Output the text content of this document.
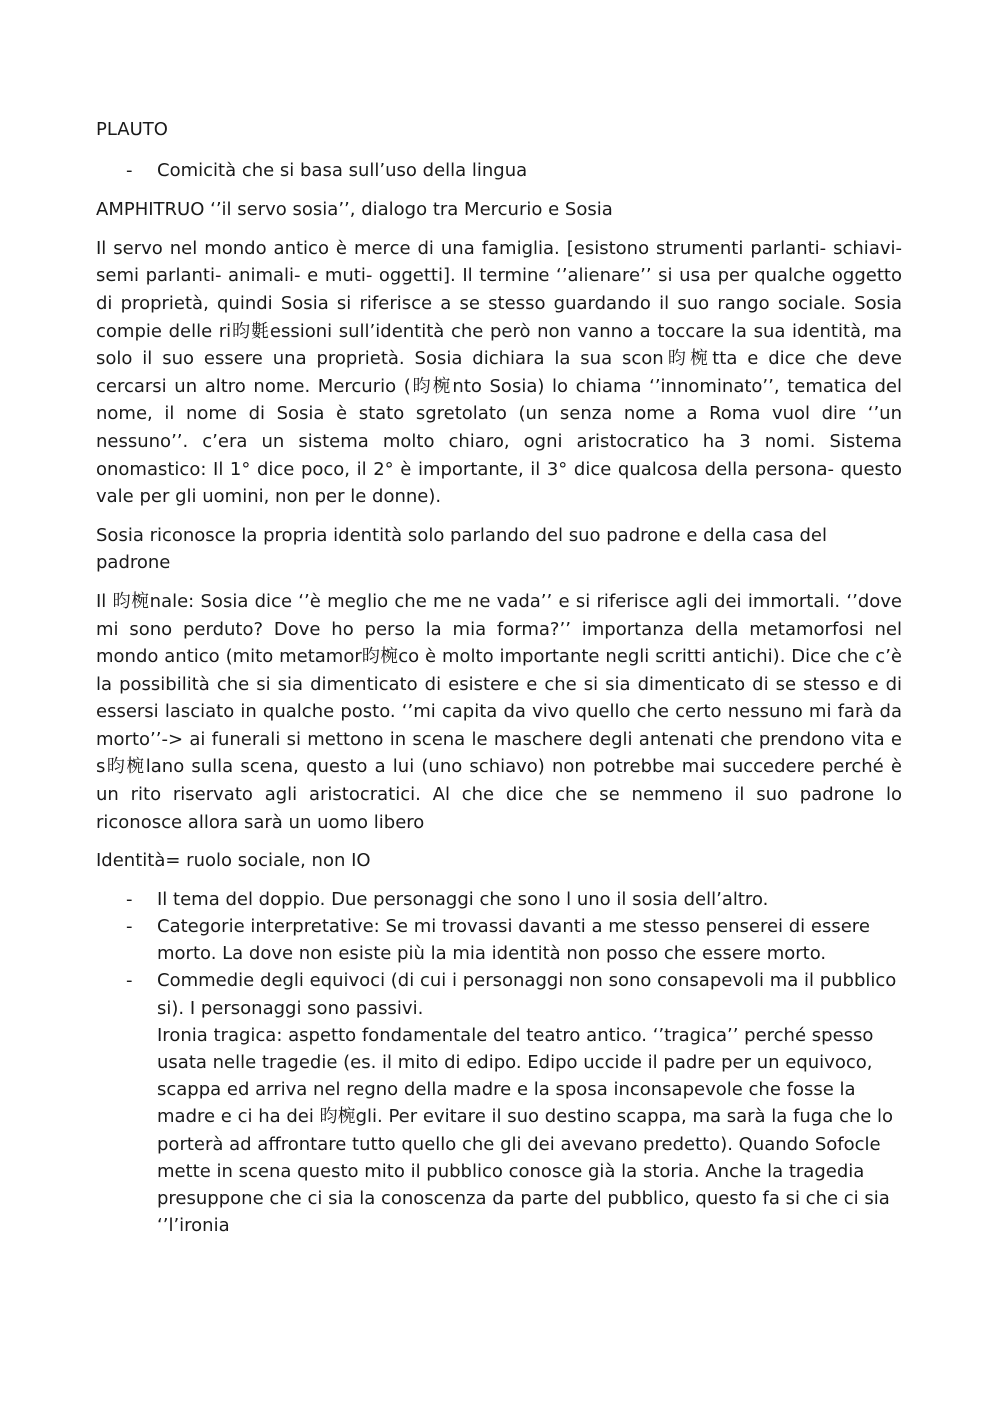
PLAUTO

- Comicità che si basa sull’uso della lingua

AMPHITRUO ‘’il servo sosia’’, dialogo tra Mercurio e Sosia

Il servo nel mondo antico è merce di una famiglia. [esistono strumenti parlanti- schiavi- semi parlanti- animali- e muti- oggetti]. Il termine ‘’alienare’’ si usa per qualche oggetto di proprietà, quindi Sosia si riferisce a se stesso guardando il suo rango sociale. Sosia compie delle ri昀氀essioni sull’identità che però non vanno a toccare la sua identità, ma solo il suo essere una proprietà. Sosia dichiara la sua scon昀椀tta e dice che deve cercarsi un altro nome. Mercurio (昀椀nto Sosia) lo chiama ‘’innominato’’, tematica del nome, il nome di Sosia è stato sgretolato (un senza nome a Roma vuol dire ‘’un nessuno’’. c’era un sistema molto chiaro, ogni aristocratico ha 3 nomi. Sistema onomastico: Il 1° dice poco, il 2° è importante, il 3° dice qualcosa della persona- questo vale per gli uomini, non per le donne).

Sosia riconosce la propria identità solo parlando del suo padrone e della casa del padrone

Il 昀椀nale: Sosia dice ‘’è meglio che me ne vada’’ e si riferisce agli dei immortali. ‘’dove mi sono perduto? Dove ho perso la mia forma?’’ importanza della metamorfosi nel mondo antico (mito metamor昀椀co è molto importante negli scritti antichi). Dice che c’è la possibilità che si sia dimenticato di esistere e che si sia dimenticato di se stesso e di essersi lasciato in qualche posto. ‘’mi capita da vivo quello che certo nessuno mi farà da morto’’-> ai funerali si mettono in scena le maschere degli antenati che prendono vita e s昀椀lano sulla scena, questo a lui (uno schiavo) non potrebbe mai succedere perché è un rito riservato agli aristocratici. Al che dice che se nemmeno il suo padrone lo riconosce allora sarà un uomo libero

Identità= ruolo sociale, non IO

- Il tema del doppio. Due personaggi che sono l uno il sosia dell’altro.
- Categorie interpretative: Se mi trovassi davanti a me stesso penserei di essere morto. La dove non esiste più la mia identità non posso che essere morto.
- Commedie degli equivoci (di cui i personaggi non sono consapevoli ma il pubblico si). I personaggi sono passivi.
Ironia tragica: aspetto fondamentale del teatro antico. ‘’tragica’’ perché spesso usata nelle tragedie (es. il mito di edipo. Edipo uccide il padre per un equivoco, scappa ed arriva nel regno della madre e la sposa inconsapevole che fosse la madre e ci ha dei 昀椀gli. Per evitare il suo destino scappa, ma sarà la fuga che lo porterà ad affrontare tutto quello che gli dei avevano predetto). Quando Sofocle mette in scena questo mito il pubblico conosce già la storia. Anche la tragedia presuppone che ci sia la conoscenza da parte del pubblico, questo fa si che ci sia ‘’l’ironia
